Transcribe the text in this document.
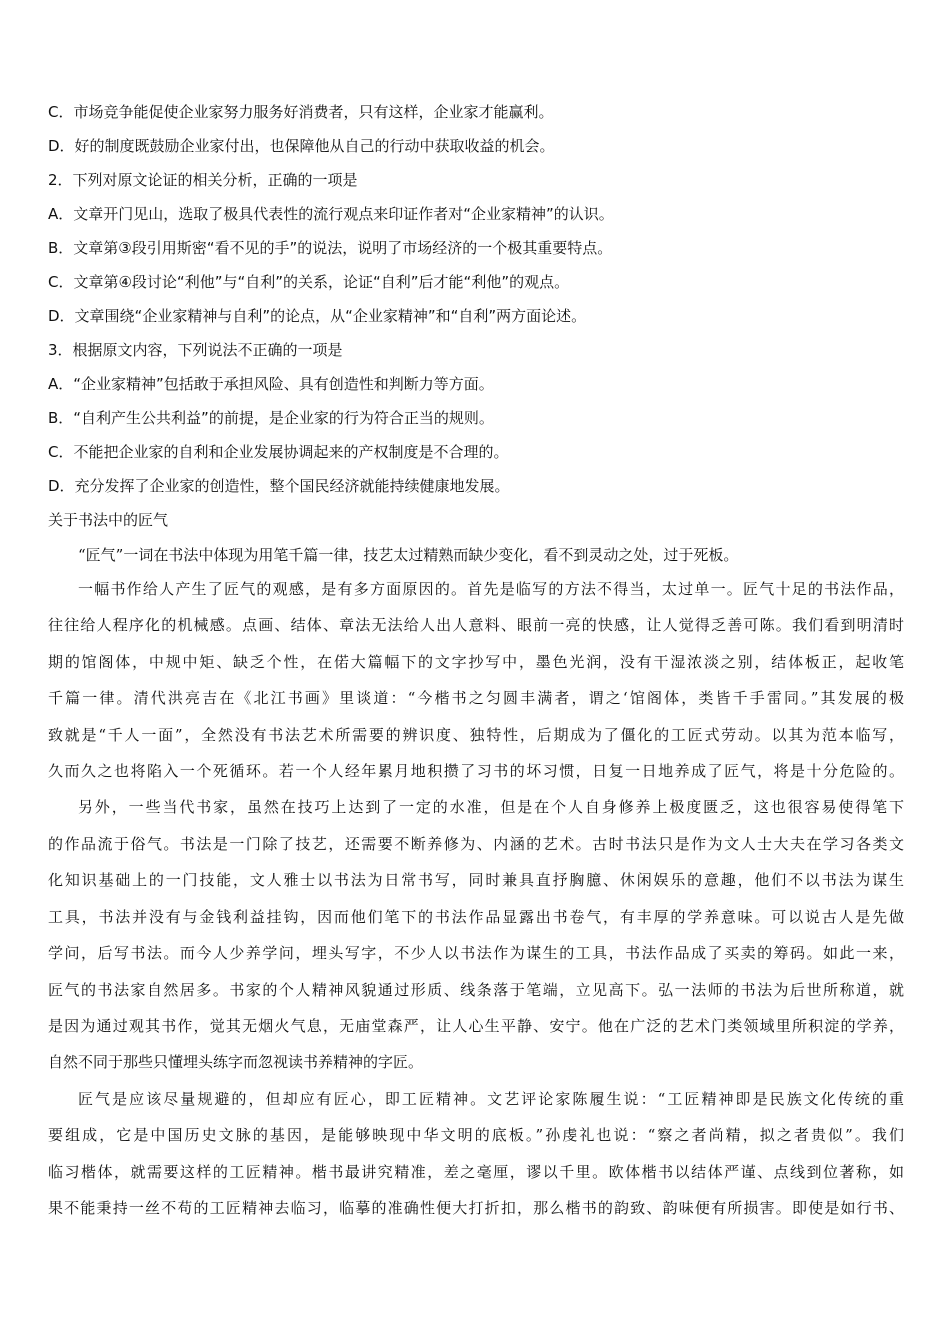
C．市场竞争能促使企业家努力服务好消费者，只有这样，企业家才能赢利。
D．好的制度既鼓励企业家付出，也保障他从自己的行动中获取收益的机会。
2．下列对原文论证的相关分析，正确的一项是
A．文章开门见山，选取了极具代表性的流行观点来印证作者对“企业家精神”的认识。
B．文章第③段引用斯密“看不见的手”的说法，说明了市场经济的一个极其重要特点。
C．文章第④段讨论“利他”与“自利”的关系，论证“自利”后才能“利他”的观点。
D．文章围绕“企业家精神与自利”的论点，从“企业家精神”和“自利”两方面论述。
3．根据原文内容，下列说法不正确的一项是
A．“企业家精神”包括敢于承担风险、具有创造性和判断力等方面。
B．“自利产生公共利益”的前提，是企业家的行为符合正当的规则。
C．不能把企业家的自利和企业发展协调起来的产权制度是不合理的。
D．充分发挥了企业家的创造性，整个国民经济就能持续健康地发展。
关于书法中的匠气
“匠气”一词在书法中体现为用笔千篇一律，技艺太过精熟而缺少变化，看不到灵动之处，过于死板。
一幅书作给人产生了匠气的观感，是有多方面原因的。首先是临写的方法不得当，太过单一。匠气十足的书法作品，
往往给人程序化的机械感。点画、结体、章法无法给人出人意料、眼前一亮的快感，让人觉得乏善可陈。我们看到明清时
期的馆阁体，中规中矩、缺乏个性，在偌大篇幅下的文字抄写中，墨色光润，没有干湿浓淡之别，结体板正，起收笔
千篇一律。清代洪亮吉在《北江书画》里谈道：“今楷书之匀圆丰满者，谓之‘馆阁体，类皆千手雷同。”其发展的极
致就是“千人一面”，全然没有书法艺术所需要的辨识度、独特性，后期成为了僵化的工匠式劳动。以其为范本临写，
久而久之也将陷入一个死循环。若一个人经年累月地积攒了习书的坏习惯，日复一日地养成了匠气，将是十分危险的。
另外，一些当代书家，虽然在技巧上达到了一定的水准，但是在个人自身修养上极度匮乏，这也很容易使得笔下
的作品流于俗气。书法是一门除了技艺，还需要不断养修为、内涵的艺术。古时书法只是作为文人士大夫在学习各类文
化知识基础上的一门技能，文人雅士以书法为日常书写，同时兼具直抒胸臆、休闲娱乐的意趣，他们不以书法为谋生
工具，书法并没有与金钱利益挂钩，因而他们笔下的书法作品显露出书卷气，有丰厚的学养意味。可以说古人是先做
学问，后写书法。而今人少养学问，埋头写字，不少人以书法作为谋生的工具，书法作品成了买卖的筹码。如此一来，
匠气的书法家自然居多。书家的个人精神风貌通过形质、线条落于笔端，立见高下。弘一法师的书法为后世所称道，就
是因为通过观其书作，觉其无烟火气息，无庙堂森严，让人心生平静、安宁。他在广泛的艺术门类领域里所积淀的学养，
自然不同于那些只懂埋头练字而忽视读书养精神的字匠。
匠气是应该尽量规避的，但却应有匠心，即工匠精神。文艺评论家陈履生说：“工匠精神即是民族文化传统的重
要组成，它是中国历史文脉的基因，是能够映现中华文明的底板。”孙虔礼也说：“察之者尚精，拟之者贵似”。我们
临习楷体，就需要这样的工匠精神。楷书最讲究精准，差之毫厘，谬以千里。欧体楷书以结体严谨、点线到位著称，如
果不能秉持一丝不苟的工匠精神去临习，临摹的准确性便大打折扣，那么楷书的韵致、韵味便有所损害。即使是如行书、
